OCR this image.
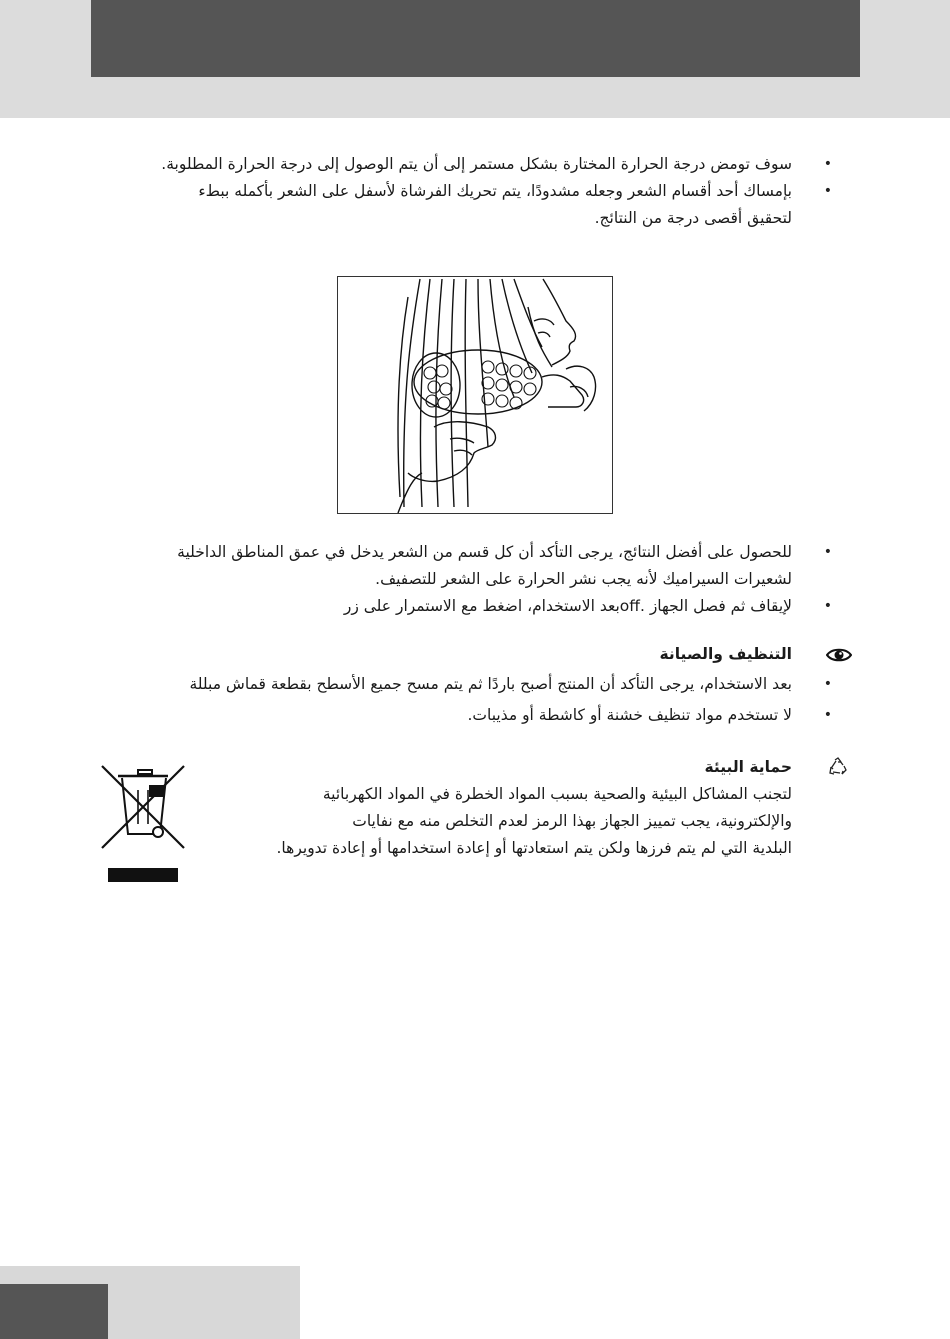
• سوف تومض درجة الحرارة المختارة بشكل مستمر إلى أن يتم الوصول إلى درجة الحرارة المطلوبة.
• بإمساك أحد أقسام الشعر وجعله مشدودًا، يتم تحريك الفرشاة لأسفل على الشعر بأكمله ببطء لتحقيق أقصى درجة من النتائج.
• للحصول على أفضل النتائج، يرجى التأكد أن كل قسم من الشعر يدخل في عمق المناطق الداخلية لشعيرات السيراميك لأنه يجب نشر الحرارة على الشعر للتصفيف.
• لإيقاف ثم فصل الجهاز .offبعد الاستخدام، اضغط مع الاستمرار على زر
التنظيف والصيانة
• بعد الاستخدام، يرجى التأكد أن المنتج أصبح باردًا ثم يتم مسح جميع الأسطح بقطعة قماش مبللة
• لا تستخدم مواد تنظيف خشنة أو كاشطة أو مذيبات.
حماية البيئة
لتجنب المشاكل البيئية والصحية بسبب المواد الخطرة في المواد الكهربائية
والإلكترونية، يجب تمييز الجهاز بهذا الرمز لعدم التخلص منه مع نفايات
البلدية التي لم يتم فرزها ولكن يتم استعادتها أو إعادة استخدامها أو إعادة تدويرها.
